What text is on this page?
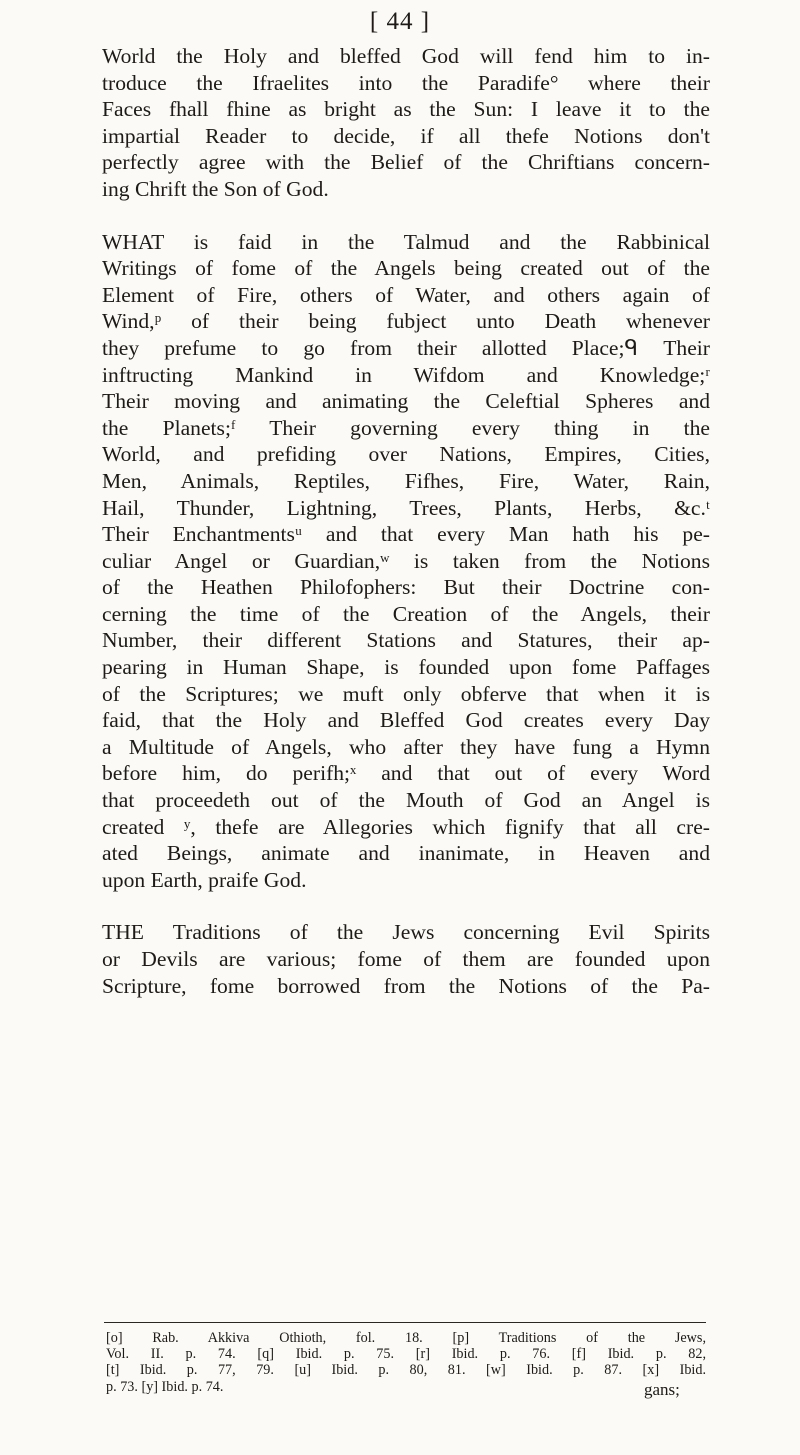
[ 44 ]
World the Holy and bleffed God will fend him to in-
troduce the Ifraelites into the Paradife° where their
Faces fhall fhine as bright as the Sun: I leave it to the
impartial Reader to decide, if all thefe Notions don't
perfectly agree with the Belief of the Chriftians concern-
ing Chrift the Son of God.
WHAT is faid in the Talmud and the Rabbinical
Writings of fome of the Angels being created out of the
Element of Fire, others of Water, and others again of
Wind,ᵖ of their being fubject unto Death whenever
they prefume to go from their allotted Place;ᑫ Their
inftructing Mankind in Wifdom and Knowledge;ʳ
Their moving and animating the Celeftial Spheres and
the Planets;ᶠ Their governing every thing in the
World, and prefiding over Nations, Empires, Cities,
Men, Animals, Reptiles, Fifhes, Fire, Water, Rain,
Hail, Thunder, Lightning, Trees, Plants, Herbs, &c.ᵗ
Their Enchantmentsᵘ and that every Man hath his pe-
culiar Angel or Guardian,ʷ is taken from the Notions
of the Heathen Philofophers: But their Doctrine con-
cerning the time of the Creation of the Angels, their
Number, their different Stations and Statures, their ap-
pearing in Human Shape, is founded upon fome Paffages
of the Scriptures; we muft only obferve that when it is
faid, that the Holy and Bleffed God creates every Day
a Multitude of Angels, who after they have fung a Hymn
before him, do perifh;ˣ and that out of every Word
that proceedeth out of the Mouth of God an Angel is
created ʸ, thefe are Allegories which fignify that all cre-
ated Beings, animate and inanimate, in Heaven and
upon Earth, praife God.
THE Traditions of the Jews concerning Evil Spirits
or Devils are various; fome of them are founded upon
Scripture, fome borrowed from the Notions of the Pa-
[o] Rab. Akkiva Othioth, fol. 18. [p] Traditions of the Jews,
Vol. II. p. 74. [q] Ibid. p. 75. [r] Ibid. p. 76. [f] Ibid. p. 82,
[t] Ibid. p. 77, 79. [u] Ibid. p. 80, 81. [w] Ibid. p. 87. [x] Ibid.
p. 73. [y] Ibid. p. 74.	gans;
